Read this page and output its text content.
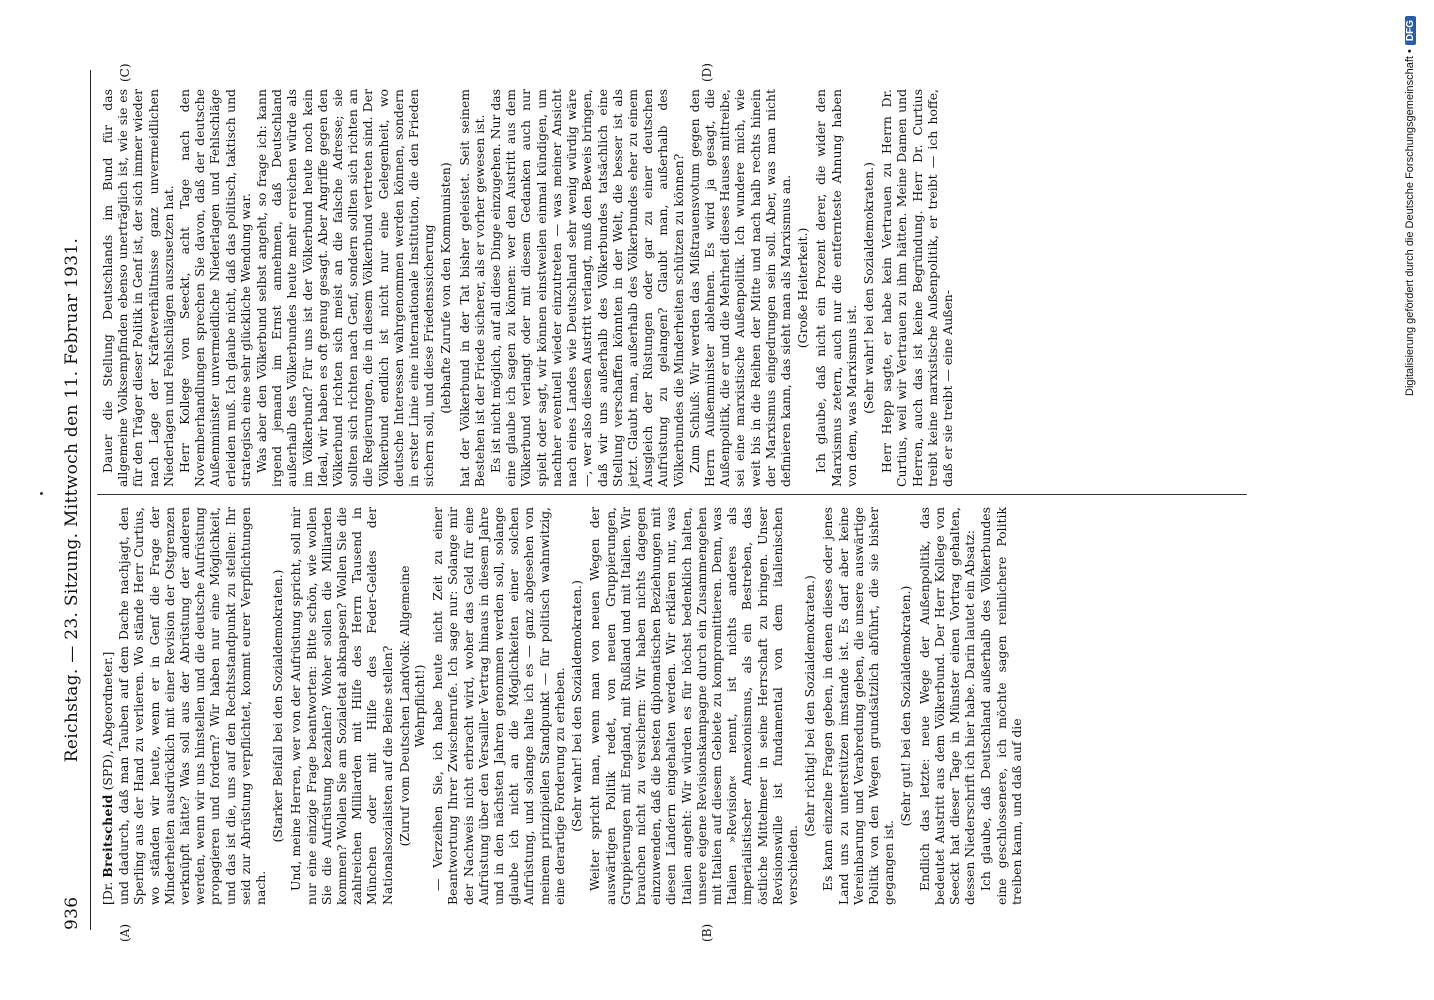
936
Reichstag. — 23. Sitzung. Mittwoch den 11. Februar 1931.
(A)	(B)
(C)	(D)

[Dr. Breitscheid (SPD), Abgeordneter.] und dadurch, daß man Tauben auf dem Dache nachjagt, den Sperling aus der Hand zu verlieren. Wo stände Herr Curtius, wo ständen wir heute, wenn er in Genf die Frage der Minderheiten ausdrücklich mit einer Revision der Ostgrenzen verknüpft hätte? Was soll aus der Abrüstung der anderen werden, wenn wir uns hinstellen und die deutsche Aufrüstung propagieren und fordern? Wir haben nur eine Möglichkeit, und das ist die, uns auf den Rechtsstandpunkt zu stellen: Ihr seid zur Abrüstung verpflichtet, kommt eurer Verpflichtungen nach.

(Starker Beifall bei den Sozialdemokraten.) Und, meine Herren, wer von der Aufrüstung spricht, soll mir nur eine einzige Frage beantworten: Bitte schön, wie wollen Sie die Aufrüstung bezahlen? Woher sollen die Milliarden kommen? Wollen Sie am Sozialetat abknapsen? Wollen Sie die zahlreichen Milliarden mit Hilfe des Herrn Tausend in München oder mit Hilfe des Feder-Geldes der Nationalsozialisten auf die Beine stellen? (Zuruf vom Deutschen Landvolk: Allgemeine Wehrpflicht!) — Verzeihen Sie, ich habe heute nicht Zeit zu einer Beantwortung Ihrer Zwischenrufe. Ich sage nur: Solange mir der Nachweis nicht erbracht wird, woher das Geld für eine Aufrüstung über den Versailler Vertrag hinaus in diesem Jahre und in den nächsten Jahren genommen werden soll, solange glaube ich nicht an die Möglichkeiten einer solchen Aufrüstung, und solange halte ich es — ganz abgesehen von meinem prinzipiellen Standpunkt — für politisch wahnwitzig, eine derartige Forderung zu erheben. (Sehr wahr! bei den Sozialdemokraten.) Weiter spricht man, wenn man von neuen Wegen der auswärtigen Politik redet, von neuen Gruppierungen, Gruppierungen mit England, mit Rußland und mit Italien. Wir brauchen nicht zu versichern: Wir haben nichts dagegen einzuwenden, daß die besten diplomatischen Beziehungen mit diesen Ländern eingehalten werden. Wir erklären nur, was Italien angeht: Wir würden es für höchst bedenklich halten, unsere eigene Revisionskampagne durch ein Zusammengehen mit Italien auf diesem Gebiete zu kompromittieren. Denn, was Italien »Revision« nennt, ist nichts anderes als imperialistischer Annexionismus, als ein Bestreben, das östliche Mittelmeer in seine Herrschaft zu bringen. Unser Revisionswille ist fundamental von dem italienischen verschieden.

(Sehr richtig! bei den Sozialdemokraten.) Es kann einzelne Fragen geben, in denen dieses oder jenes Land uns zu unterstützen imstande ist. Es darf aber keine Vereinbarung und Verabredung geben, die unsere auswärtige Politik von den Wegen grundsätzlich abführt, die sie bisher gegangen ist.

(Sehr gut! bei den Sozialdemokraten.) Endlich das letzte: neue Wege der Außenpolitik, das bedeutet Austritt aus dem Völkerbund. Der Herr Kollege von Seeckt hat dieser Tage in Münster einen Vortrag gehalten, dessen Niederschrift ich hier habe. Darin lautet ein Absatz: Ich glaube, daß Deutschland außerhalb des Völkerbundes eine geschlossenere, ich möchte sagen reinlichere Politik treiben kann, und daß auf die

Dauer die Stellung Deutschlands im Bund für das allgemeine Volksempfinden ebenso unerträglich ist, wie sie es für den Träger dieser Politik in Genf ist, der sich immer wieder nach Lage der Kräfteverhältnisse ganz unvermeidlichen Niederlagen und Fehlschlägen auszusetzen hat. Herr Kollege von Seeckt, acht Tage nach den Novemberhandlungen sprechen Sie davon, daß der deutsche Außenminister unvermeidliche Niederlagen und Fehlschläge erleiden muß. Ich glaube nicht, daß das politisch, taktisch und strategisch eine sehr glückliche Wendung war. Was aber den Völkerbund selbst angeht, so frage ich: kann irgend jemand im Ernst annehmen, daß Deutschland außerhalb des Völkerbundes heute mehr erreichen würde als im Völkerbund? Für uns ist der Völkerbund heute noch kein Ideal, wir haben es oft genug gesagt. Aber Angriffe gegen den Völkerbund richten sich meist an die falsche Adresse; sie sollten sich richten nach Genf, sondern sollten sich richten an die Regierungen, die in diesem Völkerbund vertreten sind. Der Völkerbund endlich ist nicht nur eine Gelegenheit, wo deutsche Interessen wahrgenommen werden können, sondern in erster Linie eine internationale Institution, die den Frieden sichern soll, und diese Friedenssicherung (lebhafte Zurufe von den Kommunisten) hat der Völkerbund in der Tat bisher geleistet. Seit seinem Bestehen ist der Friede sicherer, als er vorher gewesen ist. Es ist nicht möglich, auf all diese Dinge einzugehen. Nur das eine glaube ich sagen zu können: wer den Austritt aus dem Völkerbund verlangt oder mit diesem Gedanken auch nur spielt oder sagt, wir können einstweilen einmal kündigen, um nachher eventuell wieder einzutreten — was meiner Ansicht nach eines Landes wie Deutschland sehr wenig würdig wäre —, wer also diesen Austritt verlangt, muß den Beweis bringen, daß wir uns außerhalb des Völkerbundes tatsächlich eine Stellung verschaffen könnten in der Welt, die besser ist als jetzt. Glaubt man, außerhalb des Völkerbundes eher zu einem Ausgleich der Rüstungen oder gar zu einer deutschen Aufrüstung zu gelangen? Glaubt man, außerhalb des Völkerbundes die Minderheiten schützen zu können? Zum Schluß: Wir werden das Mißtrauensvotum gegen den Herrn Außenminister ablehnen. Es wird ja gesagt, die Außenpolitik, die er und die Mehrheit dieses Hauses mittreibe, sei eine marxistische Außenpolitik. Ich wundere mich, wie weit bis in die Reihen der Mitte und nach halb rechts hinein der Marxismus eingedrungen sein soll. Aber, was man nicht definieren kann, das sieht man als Marxismus an. (Große Heiterkeit.) Ich glaube, daß nicht ein Prozent derer, die wider den Marxismus zetern, auch nur die entfernteste Ahnung haben von dem, was Marxismus ist. (Sehr wahr! bei den Sozialdemokraten.) Herr Hepp sagte, er habe kein Vertrauen zu Herrn Dr. Curtius, weil wir Vertrauen zu ihm hätten. Meine Damen und Herren, auch das ist keine Begründung. Herr Dr. Curtius treibt keine marxistische Außenpolitik, er treibt — ich hoffe, daß er sie treibt — eine Außen-	Digitalisierung gefördert durch die Deutsche Forschungsgemeinschaft •DFG
